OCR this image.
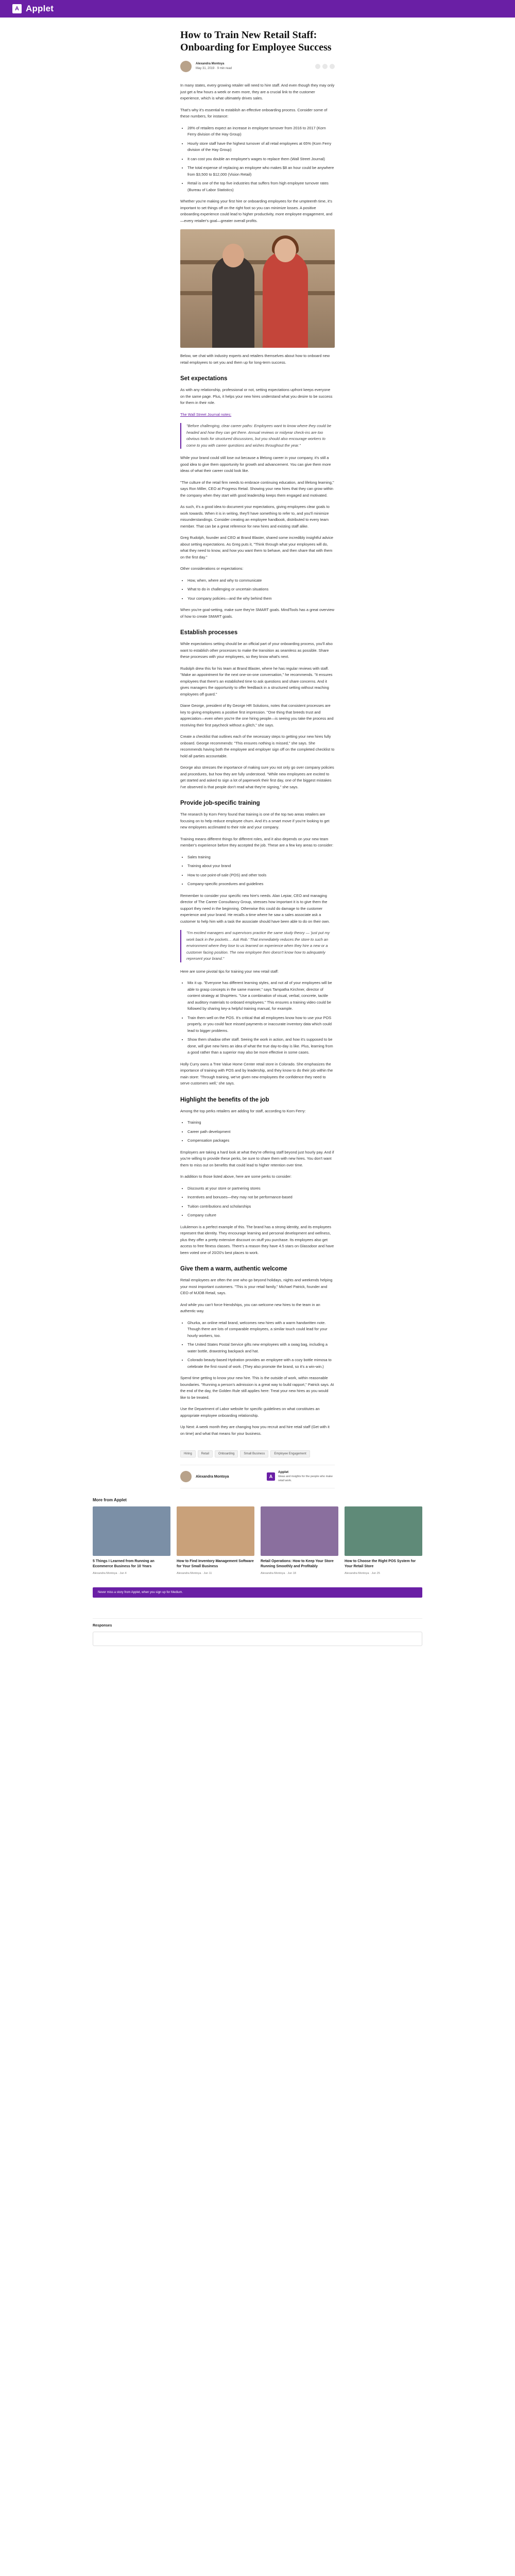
A Applet
How to Train New Retail Staff: Onboarding for Employee Success
Alexandra Montoya
May 31, 2019 · 9 min read

In many states, every growing retailer will need to hire staff. And even though they may only just get a few hours a week or even more, they are a crucial link to the customer experience, which is what ultimately drives sales.

That's why it's essential to establish an effective onboarding process. Consider some of these numbers, for instance:

• 28% of retailers expect an increase in employee turnover from 2016 to 2017 (Korn Ferry division of the Hay Group)
• Hourly store staff have the highest turnover of all retail employees at 65% (Korn Ferry division of the Hay Group)
• It can cost you double an employee's wages to replace them (Wall Street Journal)
• The total expense of replacing an employee who makes $8 an hour could be anywhere from $3,500 to $12,000 (Vision Retail)
• Retail is one of the top five industries that suffers from high employee turnover rates (Bureau of Labor Statistics)

Whether you're making your first hire or onboarding employees for the umpteenth time, it's important to set things off on the right foot so you can minimize losses. A positive onboarding experience could lead to higher productivity, more employee engagement, and—every retailer's goal—greater overall profits.

Below, we chat with industry experts and retailers themselves about how to onboard new retail employees to set you and them up for long-term success.

Set expectations

As with any relationship, professional or not, setting expectations upfront keeps everyone on the same page. Plus, it helps your new hires understand what you desire to be success for them in their role.

The Wall Street Journal notes:

"Before challenging, clear career paths: Employees want to know where they could be headed and how they can get there. Annual reviews or midyear check-ins are too obvious tools for structured discussions, but you should also encourage workers to come to you with career questions and wishes throughout the year."

While your brand could still lose out because a lifelong career in your company, it's still a good idea to give them opportunity for growth and advancement. You can give them more ideas of what their career could look like.

"The culture of the retail firm needs to embrace continuing education, and lifelong learning," says Ron Miller, CEO at Progress Retail. Showing your new hires that they can grow within the company when they start with good leadership keeps them engaged and motivated.

As such, it's a good idea to document your expectations, giving employees clear goals to work towards. When it is in writing, they'll have something to refer to, and you'll minimize misunderstandings. Consider creating an employee handbook, distributed to every team member. That can be a great reference for new hires and existing staff alike.

Greg Rudolph, founder and CEO at Brand Blaster, shared some incredibly insightful advice about setting expectations. As Greg puts it, "Think through what your employees will do, what they need to know, and how you want them to behave, and then share that with them on the first day."

Other considerations or expectations:

• How, when, where and why to communicate
• What to do in challenging or uncertain situations
• Your company policies—and the why behind them

When you're goal-setting, make sure they're SMART goals. MindTools has a great overview of how to create SMART goals.

Establish processes

While expectations setting should be an official part of your onboarding process, you'll also want to establish other processes to make the transition as seamless as possible. Share these processes with your employees, so they know what's next.

Rudolph drew this for his team at Brand Blaster, where he has regular reviews with staff. "Make an appointment for the next one-on-one conversation," he recommends. "It ensures employees that there's an established time to ask questions and share concerns. And it gives managers the opportunity to offer feedback in a structured setting without reaching employees off guard."

Diane George, president of By George HR Solutions, notes that consistent processes are key to giving employees a positive first impression. "One thing that breeds trust and appreciation—even when you're the one hiring people—is seeing you take the process and receiving their first paycheck without a glitch," she says.

Create a checklist that outlines each of the necessary steps to getting your new hires fully onboard. George recommends: "This ensures nothing is missed," she says. She recommends having both the employee and employer sign off on the completed checklist to hold all parties accountable.

George also stresses the importance of making sure you not only go over company policies and procedures, but how they are fully understood. "While new employees are excited to get started and asked to sign a lot of paperwork their first day, one of the biggest mistakes I've observed is that people don't read what they're signing," she says.

Provide job-specific training

The research by Korn Ferry found that training is one of the top two areas retailers are focusing on to help reduce employee churn. And it's a smart move if you're looking to get new employees acclimated to their role and your company.

Training means different things for different roles, and it also depends on your new team member's experience before they accepted the job. These are a few key areas to consider:

• Sales training
• Training about your brand
• How to use point-of-sale (POS) and other tools
• Company-specific procedures and guidelines

Remember to consider your specific new hire's needs. Alan Lepiar, CEO and managing director of The Career Consultancy Group, stresses how important it is to give them the support they need in the beginning. Otherwise this could do damage to the customer experience and your brand. He recalls a time where he saw a sales associate ask a customer to help him with a task the associate should have been able to do on their own.

"I'm excited managers and supervisors practice the same study theory — 'just put my work back in the pockets… Ask Rob.' That immediately reduces the store to such an environment where they lose to us learned on experience when they hire a new or a customer facing position. The new employee then doesn't know how to adequately represent your brand."

Here are some pivotal tips for training your new retail staff:

• Mix it up. "Everyone has different learning styles, and not all of your employees will be able to grasp concepts in the same manner," says Tampatha Kirchner, director of content strategy at ShopHers. "Use a combination of visual, verbal, concrete, tactile and auditory materials to onboard employees." This ensures a training video could be followed by sharing key-a helpful training manual, for example.
• Train them well on the POS. It's critical that all employees know how to use your POS properly, or you could face missed payments or inaccurate inventory data which could lead to bigger problems.
• Show them shadow other staff. Seeing the work in action, and how it's supposed to be done, will give new hires an idea of what the true day-to-day is like. Plus, learning from a good rather than a superior may also be more effective in some cases.

Holly Curry owns a Tree Value Home Center retail store in Colorado. She emphasizes the importance of training with POS and by leadership, and they know to do their job within the main store: 'Through training, we've given new employees the confidence they need to serve customers well,' she says.

Highlight the benefits of the job

Among the top perks retailers are adding for staff, according to Korn Ferry:

• Training
• Career path development
• Compensation packages

Employers are taking a hard look at what they're offering staff beyond just hourly pay. And if you're willing to provide these perks, be sure to share them with new hires. You don't want them to miss out on benefits that could lead to higher retention over time.

In addition to those listed above, here are some perks to consider:

• Discounts at your store or partnering stores
• Incentives and bonuses—they may not be performance-based
• Tuition contributions and scholarships
• Company culture

Lululemon is a perfect example of this. The brand has a strong identity, and its employees represent that identity. They encourage learning and personal development and wellness, plus they offer a pretty extensive discount on stuff you purchase. Its employees also get access to free fitness classes. There's a reason they have 4.5 stars on Glassdoor and have been voted one of 20/20's best places to work.

Give them a warm, authentic welcome

Retail employees are often the one who go beyond holidays, nights and weekends helping your most important customers. "This is your retail family," Michael Patrick, founder and CEO of MJOB Retail, says.

And while you can't force friendships, you can welcome new hires to the team in an authentic way.

• Ghurka, an online retail brand, welcomes new hires with a warm handwritten note. Though there are lots of comparable employees, a similar touch could lead for your hourly workers, too.
• The United States Postal Service gifts new employees with a swag bag, including a water bottle, drawstring backpack and hat.
• Colorado beauty-based Hydration provides an employee with a cozy bottle mimosa to celebrate the first round of work. (They also promote the brand, so it's a win-win.)

Spend time getting to know your new hire. This is the outside of work, within reasonable boundaries. "Running a person's admission is a great way to build rapport," Patrick says. At the end of the day, the Golden Rule still applies here: Treat your new hires as you would like to be treated.

Use the Department of Labor website for specific guidelines on what constitutes an appropriate employee onboarding relationship.

Up Next: A week month they are changing how you recruit and hire retail staff (Get with it on time) and what that means for your business.

Hiring	Retail	Onboarding	Small Business	Employee Engagement
Alexandra Montoya	A
Applet
Ideas and insights for the people who make retail work.
More from Applet
5 Things I Learned from Running an Ecommerce Business for 10 Years
Alexandra Montoya · Jun 4
How to Find Inventory Management Software for Your Small Business
Alexandra Montoya · Jun 11
Retail Operations: How to Keep Your Store Running Smoothly and Profitably
Alexandra Montoya · Jun 18
How to Choose the Right POS System for Your Retail Store
Alexandra Montoya · Jun 25
Never miss a story from Applet, when you sign up for Medium.
Responses
